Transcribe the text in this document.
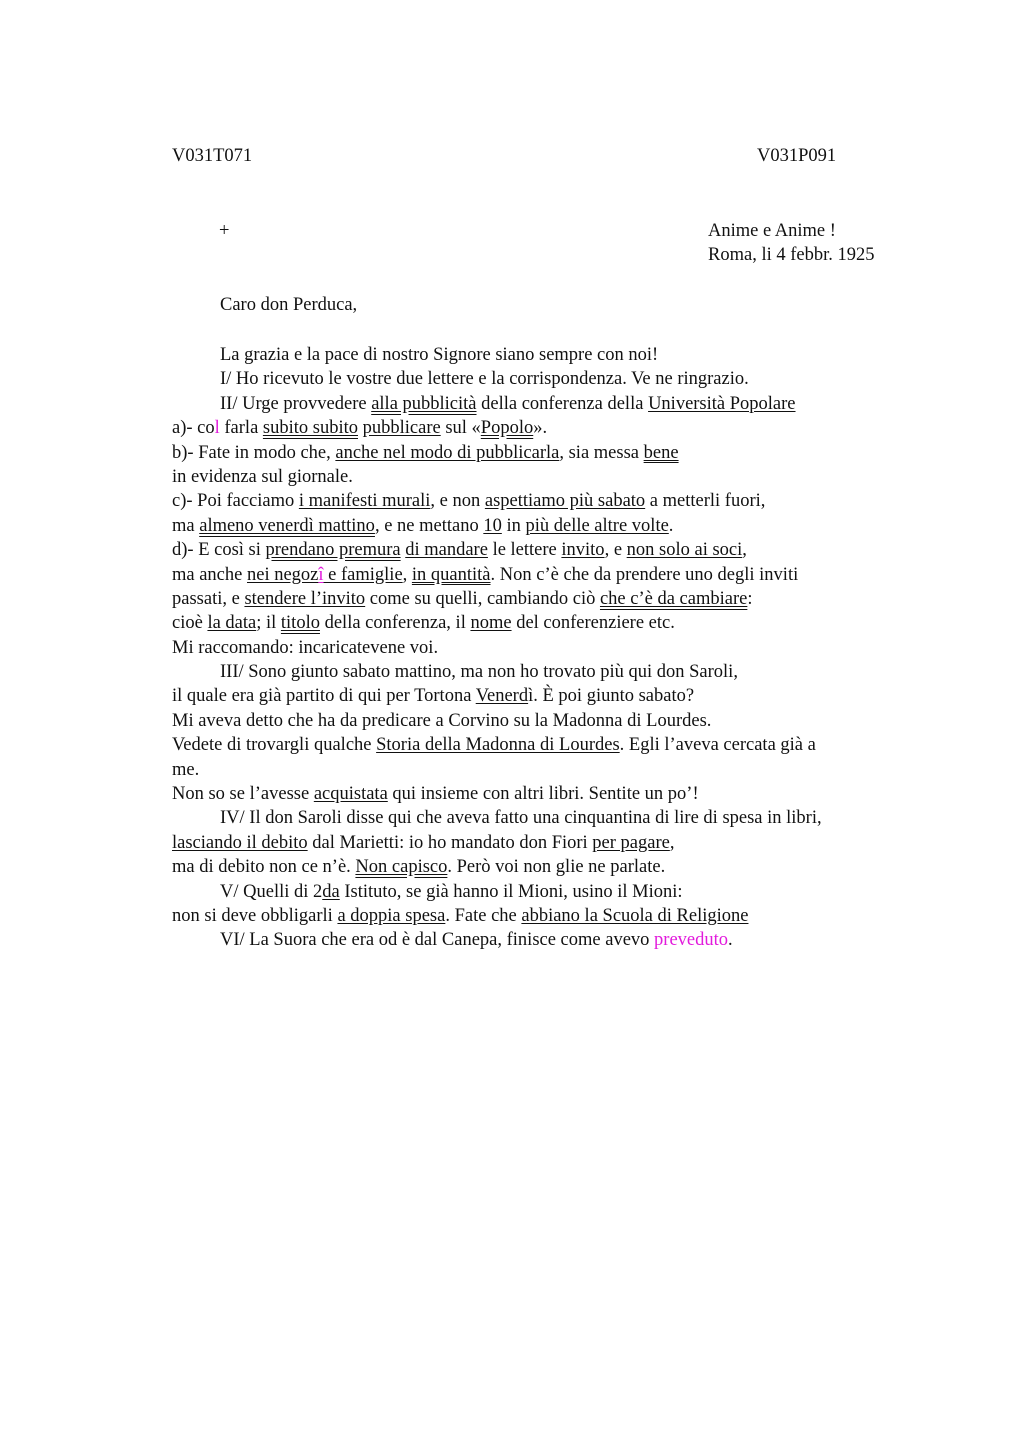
V031T071	V031P091
+	Anime e Anime !
Roma, li 4 febbr. 1925
Caro don Perduca,
La grazia e la pace di nostro Signore siano sempre con noi!
I/ Ho ricevuto le vostre due lettere e la corrispondenza. Ve ne ringrazio.
II/ Urge provvedere alla pubblicità della conferenza della Università Popolare
a)- col farla subito subito pubblicare sul «Popolo».
b)- Fate in modo che, anche nel modo di pubblicarla, sia messa bene
in evidenza sul giornale.
c)- Poi facciamo i manifesti murali, e non aspettiamo più sabato a metterli fuori,
ma almeno venerdì mattino, e ne mettano 10 in più delle altre volte.
d)- E così si prendano premura di mandare le lettere invito, e non solo ai soci,
ma anche nei negozî e famiglie, in quantità. Non c’è che da prendere uno degli inviti
passati, e stendere l’invito come su quelli, cambiando ciò che c’è da cambiare:
cioè la data; il titolo della conferenza, il nome del conferenziere etc.
Mi raccomando: incaricatevene voi.
III/ Sono giunto sabato mattino, ma non ho trovato più qui don Saroli,
il quale era già partito di qui per Tortona Venerdì. È poi giunto sabato?
Mi aveva detto che ha da predicare a Corvino su la Madonna di Lourdes.
Vedete di trovargli qualche Storia della Madonna di Lourdes. Egli l’aveva cercata già a
me.
Non so se l’avesse acquistata qui insieme con altri libri. Sentite un po’!
IV/ Il don Saroli disse qui che aveva fatto una cinquantina di lire di spesa in libri,
lasciando il debito dal Marietti: io ho mandato don Fiori per pagare,
ma di debito non ce n’è. Non capisco. Però voi non glie ne parlate.
V/ Quelli di 2da Istituto, se già hanno il Mioni, usino il Mioni:
non si deve obbligarli a doppia spesa. Fate che abbiano la Scuola di Religione
VI/ La Suora che era od è dal Canepa, finisce come avevo preveduto.
